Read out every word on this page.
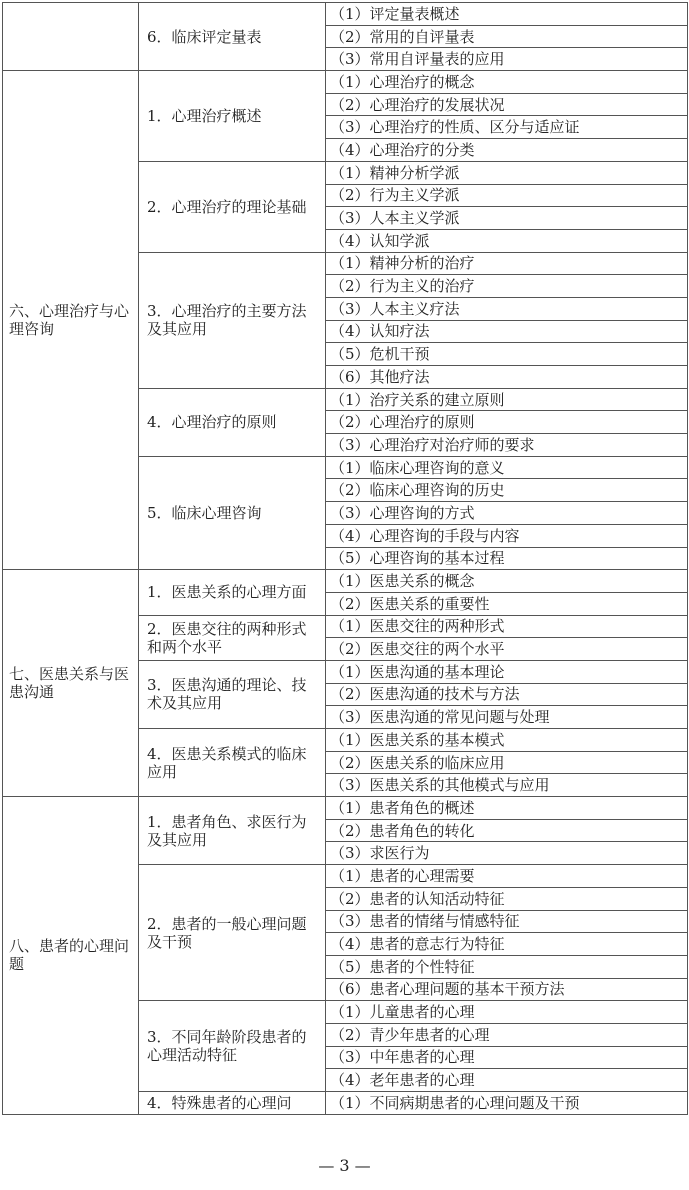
	6．临床评定量表	（1）评定量表概述
		（2）常用的自评量表
		（3）常用自评量表的应用
六、心理治疗与心理咨询	1．心理治疗概述	（1）心理治疗的概念
		（2）心理治疗的发展状况
		（3）心理治疗的性质、区分与适应证
		（4）心理治疗的分类
	2．心理治疗的理论基础	（1）精神分析学派
		（2）行为主义学派
		（3）人本主义学派
		（4）认知学派
	3．心理治疗的主要方法及其应用	（1）精神分析的治疗
		（2）行为主义的治疗
		（3）人本主义疗法
		（4）认知疗法
		（5）危机干预
		（6）其他疗法
	4．心理治疗的原则	（1）治疗关系的建立原则
		（2）心理治疗的原则
		（3）心理治疗对治疗师的要求
	5．临床心理咨询	（1）临床心理咨询的意义
		（2）临床心理咨询的历史
		（3）心理咨询的方式
		（4）心理咨询的手段与内容
		（5）心理咨询的基本过程
七、医患关系与医患沟通	1．医患关系的心理方面	（1）医患关系的概念
		（2）医患关系的重要性
	2．医患交往的两种形式和两个水平	（1）医患交往的两种形式
		（2）医患交往的两个水平
	3．医患沟通的理论、技术及其应用	（1）医患沟通的基本理论
		（2）医患沟通的技术与方法
		（3）医患沟通的常见问题与处理
	4．医患关系模式的临床应用	（1）医患关系的基本模式
		（2）医患关系的临床应用
		（3）医患关系的其他模式与应用
八、患者的心理问题	1．患者角色、求医行为及其应用	（1）患者角色的概述
		（2）患者角色的转化
		（3）求医行为
	2．患者的一般心理问题及干预	（1）患者的心理需要
		（2）患者的认知活动特征
		（3）患者的情绪与情感特征
		（4）患者的意志行为特征
		（5）患者的个性特征
		（6）患者心理问题的基本干预方法
	3．不同年龄阶段患者的心理活动特征	（1）儿童患者的心理
		（2）青少年患者的心理
		（3）中年患者的心理
		（4）老年患者的心理
	4．特殊患者的心理问	（1）不同病期患者的心理问题及干预
— 3 —
